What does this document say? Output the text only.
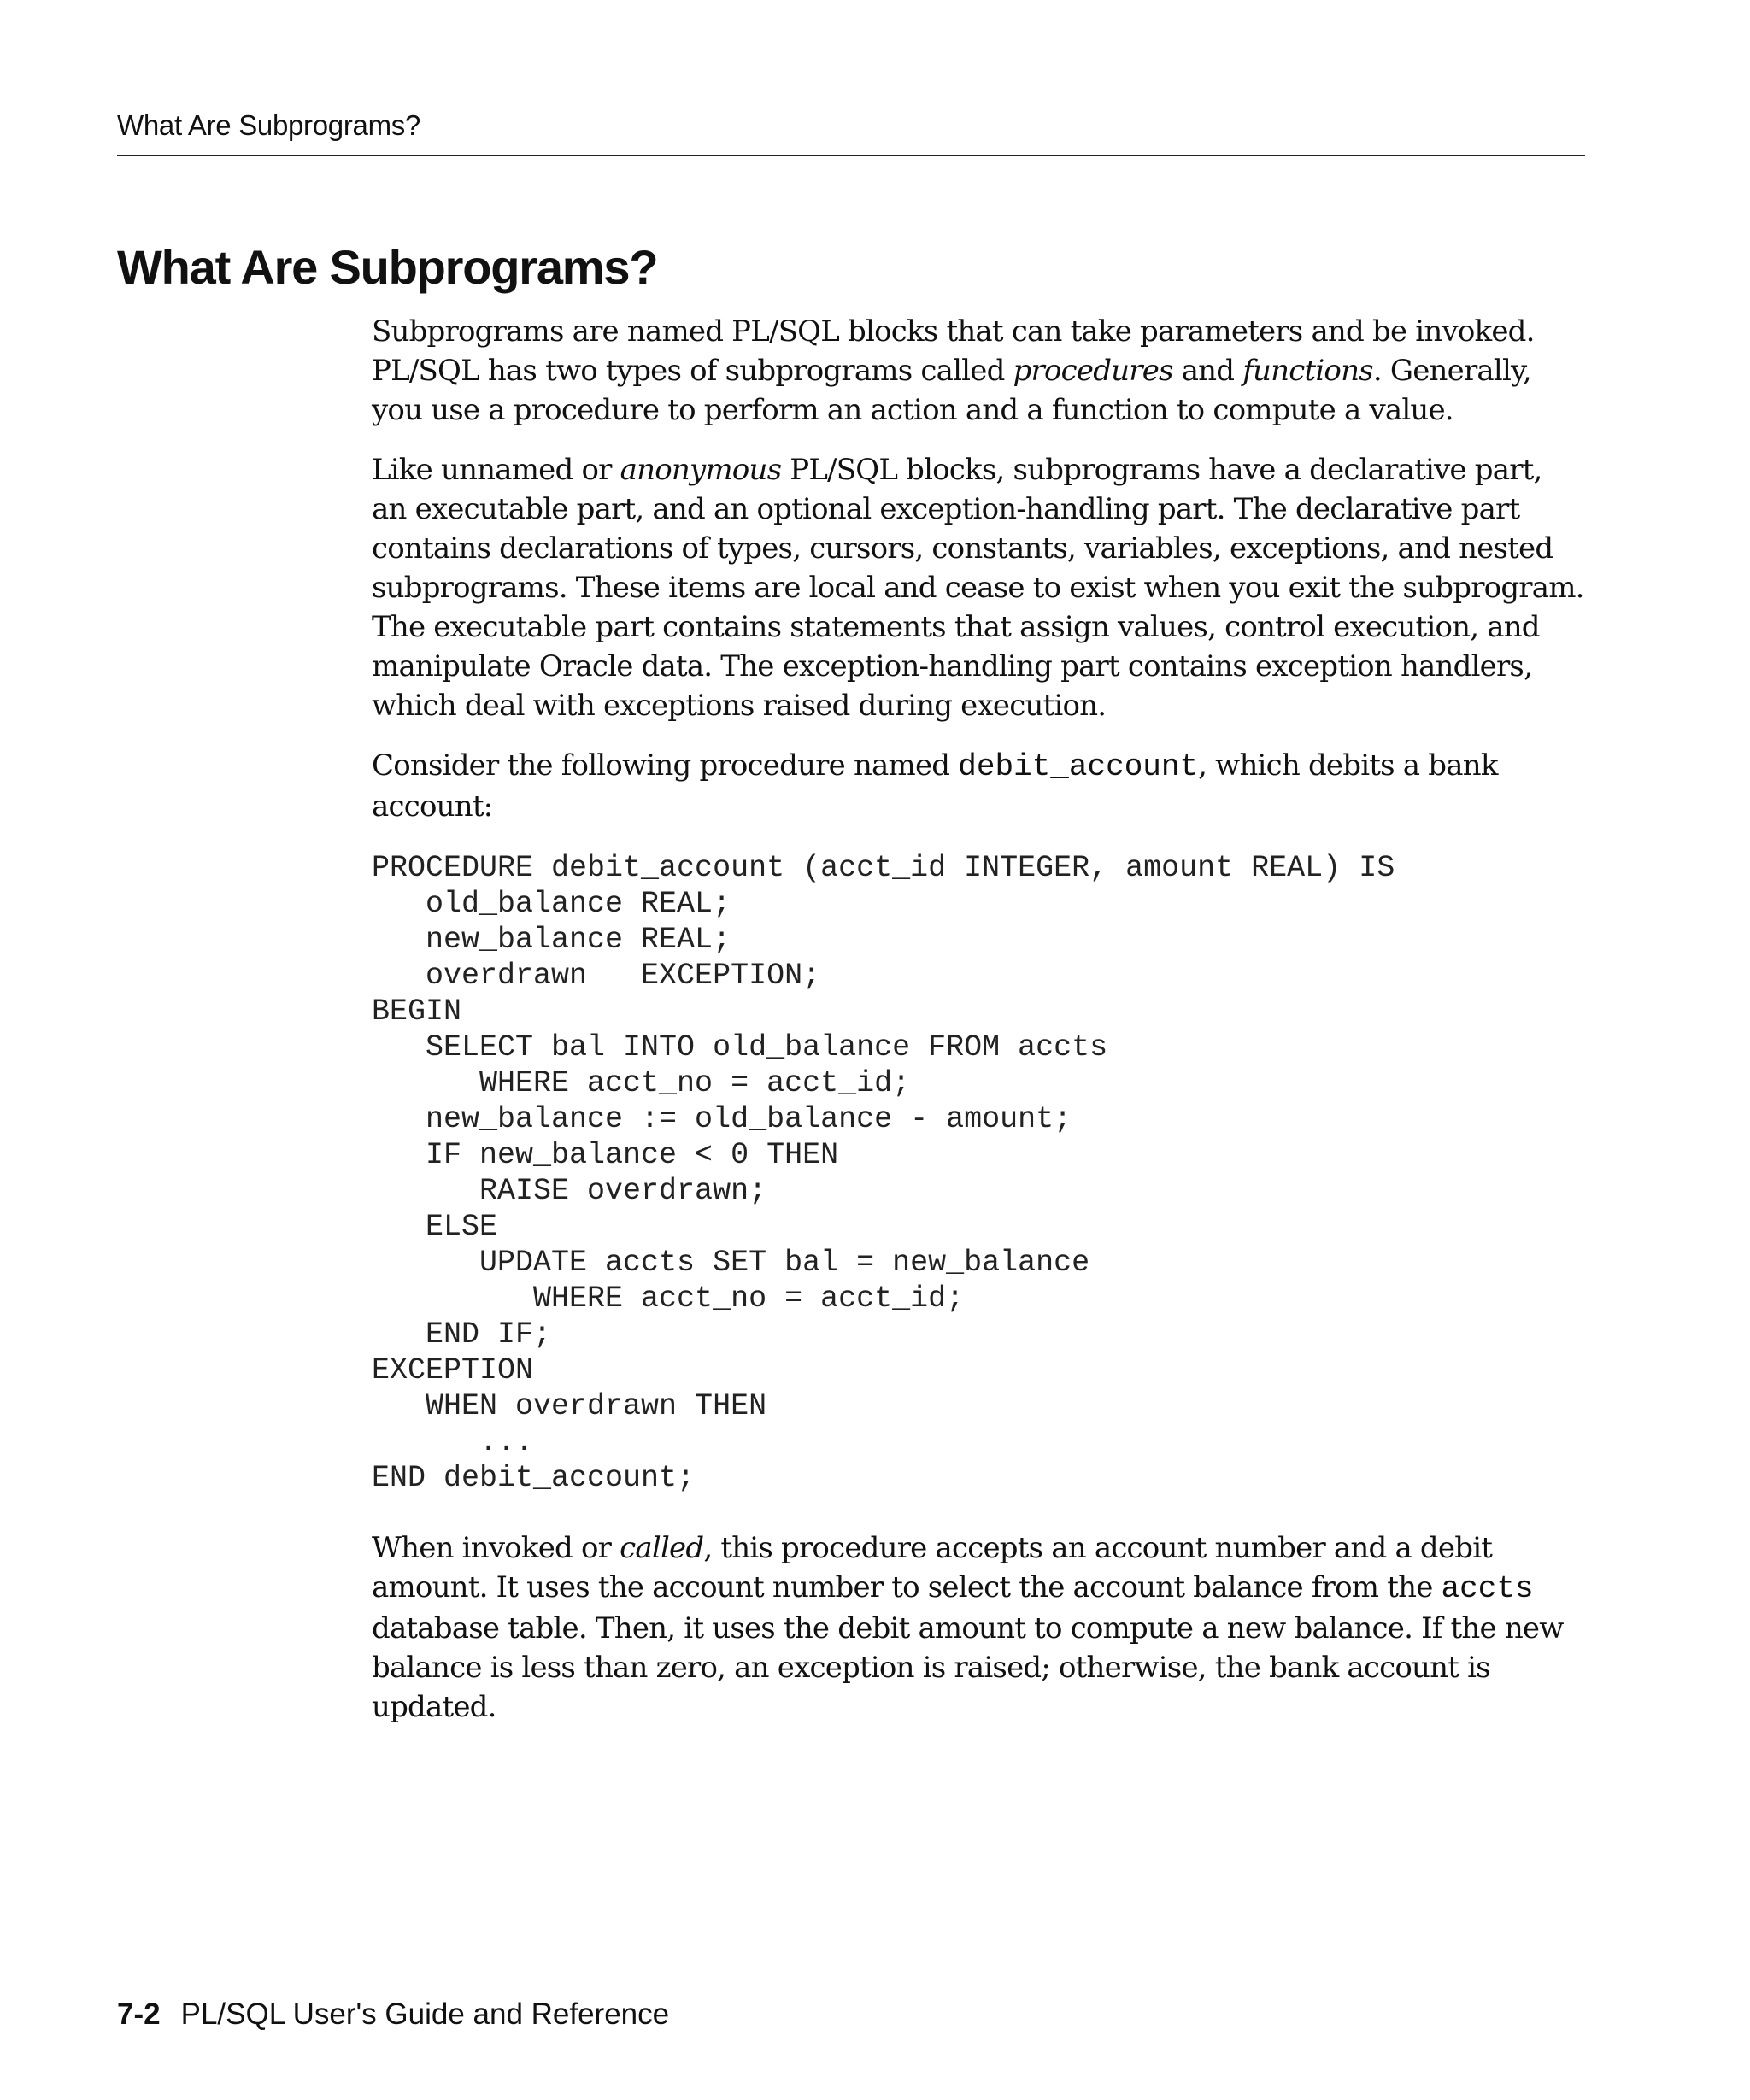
What Are Subprograms?
What Are Subprograms?

Subprograms are named PL/SQL blocks that can take parameters and be invoked. PL/SQL has two types of subprograms called procedures and functions. Generally, you use a procedure to perform an action and a function to compute a value.

Like unnamed or anonymous PL/SQL blocks, subprograms have a declarative part, an executable part, and an optional exception-handling part. The declarative part contains declarations of types, cursors, constants, variables, exceptions, and nested subprograms. These items are local and cease to exist when you exit the subprogram. The executable part contains statements that assign values, control execution, and manipulate Oracle data. The exception-handling part contains exception handlers, which deal with exceptions raised during execution.

Consider the following procedure named debit_account, which debits a bank account:

PROCEDURE debit_account (acct_id INTEGER, amount REAL) IS
old_balance REAL;
new_balance REAL;
overdrawn   EXCEPTION;
BEGIN
SELECT bal INTO old_balance FROM accts
WHERE acct_no = acct_id;
new_balance := old_balance - amount;
IF new_balance < 0 THEN
RAISE overdrawn;
ELSE
UPDATE accts SET bal = new_balance
WHERE acct_no = acct_id;
END IF;
EXCEPTION
WHEN overdrawn THEN
...
END debit_account;

When invoked or called, this procedure accepts an account number and a debit amount. It uses the account number to select the account balance from the accts database table. Then, it uses the debit amount to compute a new balance. If the new balance is less than zero, an exception is raised; otherwise, the bank account is updated.

7-2 PL/SQL User's Guide and Reference
